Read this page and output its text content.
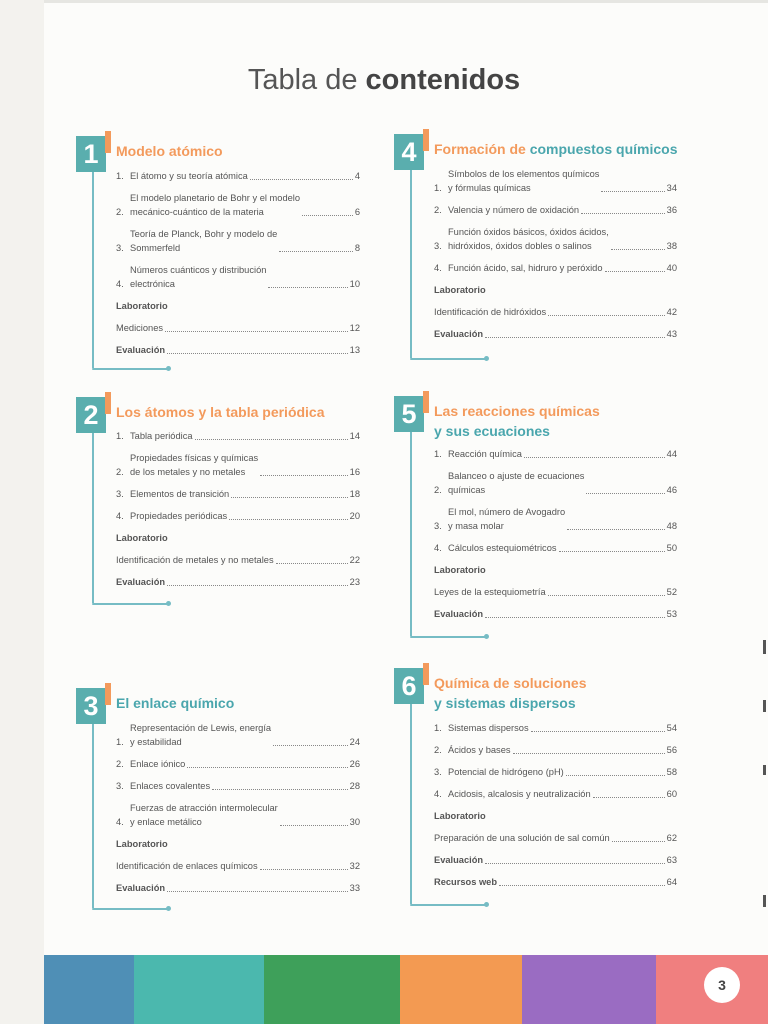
Tabla de contenidos
1	Modelo atómico
1. El átomo y su teoría atómica	4
2.
El modelo planetario de Bohr y el modelo
mecánico-cuántico de la materia	6
3.
Teoría de Planck, Bohr y modelo de
Sommerfeld	8
4.
Números cuánticos y distribución
electrónica	10
Laboratorio
Mediciones	12
Evaluación	13
2	Los átomos y la tabla periódica
1. Tabla periódica	14
2.
Propiedades físicas y químicas
de los metales y no metales	16
3. Elementos de transición	18
4. Propiedades periódicas	20
Laboratorio
Identificación de metales y no metales	22
Evaluación	23
3	El enlace químico
1.
Representación de Lewis, energía
y estabilidad	24
2. Enlace iónico	26
3. Enlaces covalentes	28
4.
Fuerzas de atracción intermolecular
y enlace metálico	30
Laboratorio
Identificación de enlaces químicos	32
Evaluación	33
4	Formación de compuestos químicos
1.
Símbolos de los elementos químicos
y fórmulas químicas	34
2. Valencia y número de oxidación	36
3.
Función óxidos básicos, óxidos ácidos,
hidróxidos, óxidos dobles o salinos	38
4. Función ácido, sal, hidruro y peróxido	40
Laboratorio
Identificación de hidróxidos	42
Evaluación	43
5	Las reacciones químicas
y sus ecuaciones
1. Reacción química	44
2.
Balanceo o ajuste de ecuaciones
químicas	46
3.
El mol, número de Avogadro
y masa molar	48
4. Cálculos estequiométricos	50
Laboratorio
Leyes de la estequiometría	52
Evaluación	53
6	Química de soluciones
y sistemas dispersos
1. Sistemas dispersos	54
2. Ácidos y bases	56
3. Potencial de hidrógeno (pH)	58
4. Acidosis, alcalosis y neutralización	60
Laboratorio
Preparación de una solución de sal común	62
Evaluación	63
Recursos web	64
3
